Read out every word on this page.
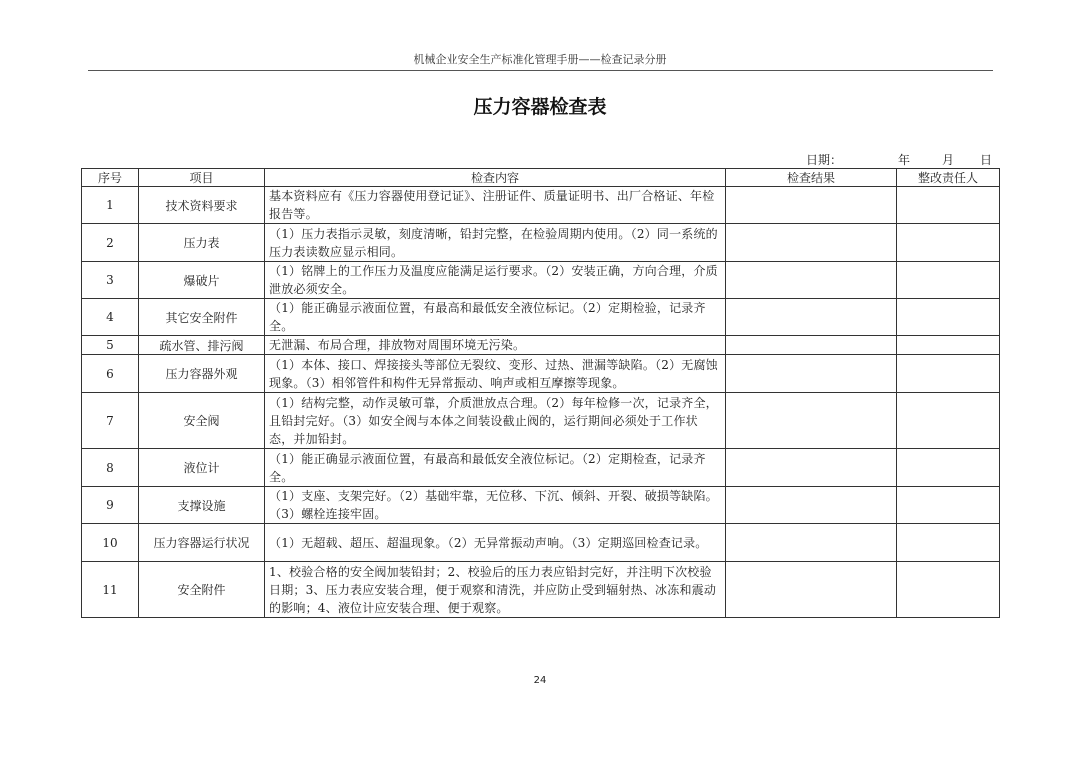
机械企业安全生产标准化管理手册——检查记录分册
压力容器检查表
日期：	年	月 日
序号	项目	检查内容	检查结果	整改责任人
1	技术资料要求	基本资料应有《压力容器使用登记证》、注册证件、质量证明书、出厂合格证、年检报告等。		
2	压力表	（1）压力表指示灵敏，刻度清晰，铅封完整，在检验周期内使用。（2）同一系统的压力表读数应显示相同。		
3	爆破片	（1）铭牌上的工作压力及温度应能满足运行要求。（2）安装正确，方向合理，介质泄放必须安全。		
4	其它安全附件	（1）能正确显示液面位置，有最高和最低安全液位标记。（2）定期检验，记录齐全。		
5	疏水管、排污阀	无泄漏、布局合理，排放物对周围环境无污染。		
6	压力容器外观	（1）本体、接口、焊接接头等部位无裂纹、变形、过热、泄漏等缺陷。（2）无腐蚀现象。（3）相邻管件和构件无异常振动、响声或相互摩擦等现象。		
7	安全阀	（1）结构完整，动作灵敏可靠，介质泄放点合理。（2）每年检修一次，记录齐全，且铅封完好。（3）如安全阀与本体之间装设截止阀的，运行期间必须处于工作状态，并加铅封。		
8	液位计	（1）能正确显示液面位置，有最高和最低安全液位标记。（2）定期检查，记录齐全。		
9	支撑设施	（1）支座、支架完好。（2）基础牢靠，无位移、下沉、倾斜、开裂、破损等缺陷。（3）螺栓连接牢固。		
10	压力容器运行状况	（1）无超载、超压、超温现象。（2）无异常振动声响。（3）定期巡回检查记录。		
11	安全附件	1、校验合格的安全阀加装铅封；2、校验后的压力表应铅封完好，并注明下次校验日期；3、压力表应安装合理，便于观察和清洗，并应防止受到辐射热、冰冻和震动的影响；4、液位计应安装合理、便于观察。		
24
